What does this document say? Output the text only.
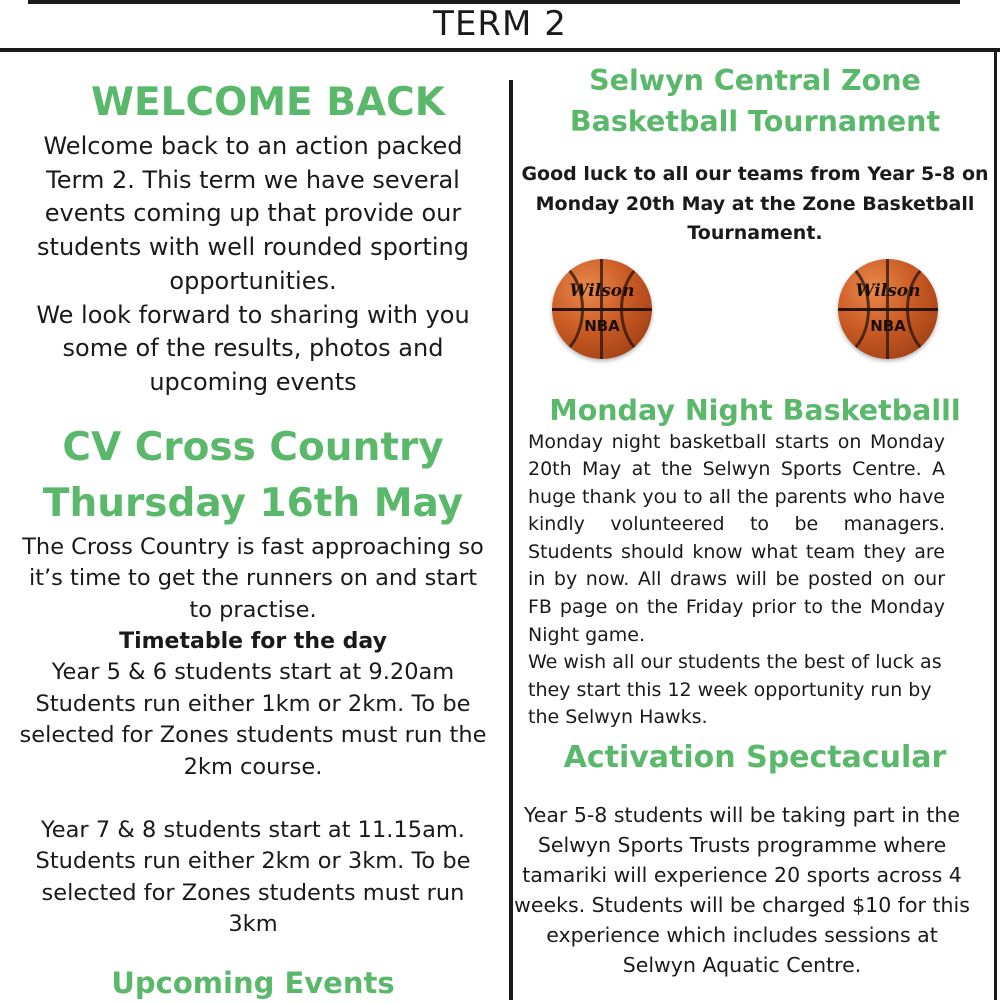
TERM 2
WELCOME BACK

Welcome back to an action packed Term 2. This term we have several events coming up that provide our students with well rounded sporting opportunities.

We look forward to sharing with you some of the results, photos and upcoming events

CV Cross Country
Thursday 16th May

The Cross Country is fast approaching so it’s time to get the runners on and start to practise.

Timetable for the day

Year 5 & 6 students start at 9.20am Students run either 1km or 2km. To be selected for Zones students must run the 2km course.

Year 7 & 8 students start at 11.15am. Students run either 2km or 3km. To be selected for Zones students must run 3km

Upcoming Events
Selwyn Central Zone
Basketball Tournament

Good luck to all our teams from Year 5-8 on Monday 20th May at the Zone Basketball Tournament.

Wilson
NBA
Wilson
NBA
Monday Night Basketballl

Monday night basketball starts on Monday 20th May at the Selwyn Sports Centre. A huge thank you to all the parents who have kindly volunteered to be managers. Students should know what team they are in by now. All draws will be posted on our FB page on the Friday prior to the Monday Night game.

We wish all our students the best of luck as they start this 12 week opportunity run by the Selwyn Hawks.

Activation Spectacular

Year 5-8 students will be taking part in the Selwyn Sports Trusts programme where tamariki will experience 20 sports across 4 weeks. Students will be charged $10 for this experience which includes sessions at Selwyn Aquatic Centre.
